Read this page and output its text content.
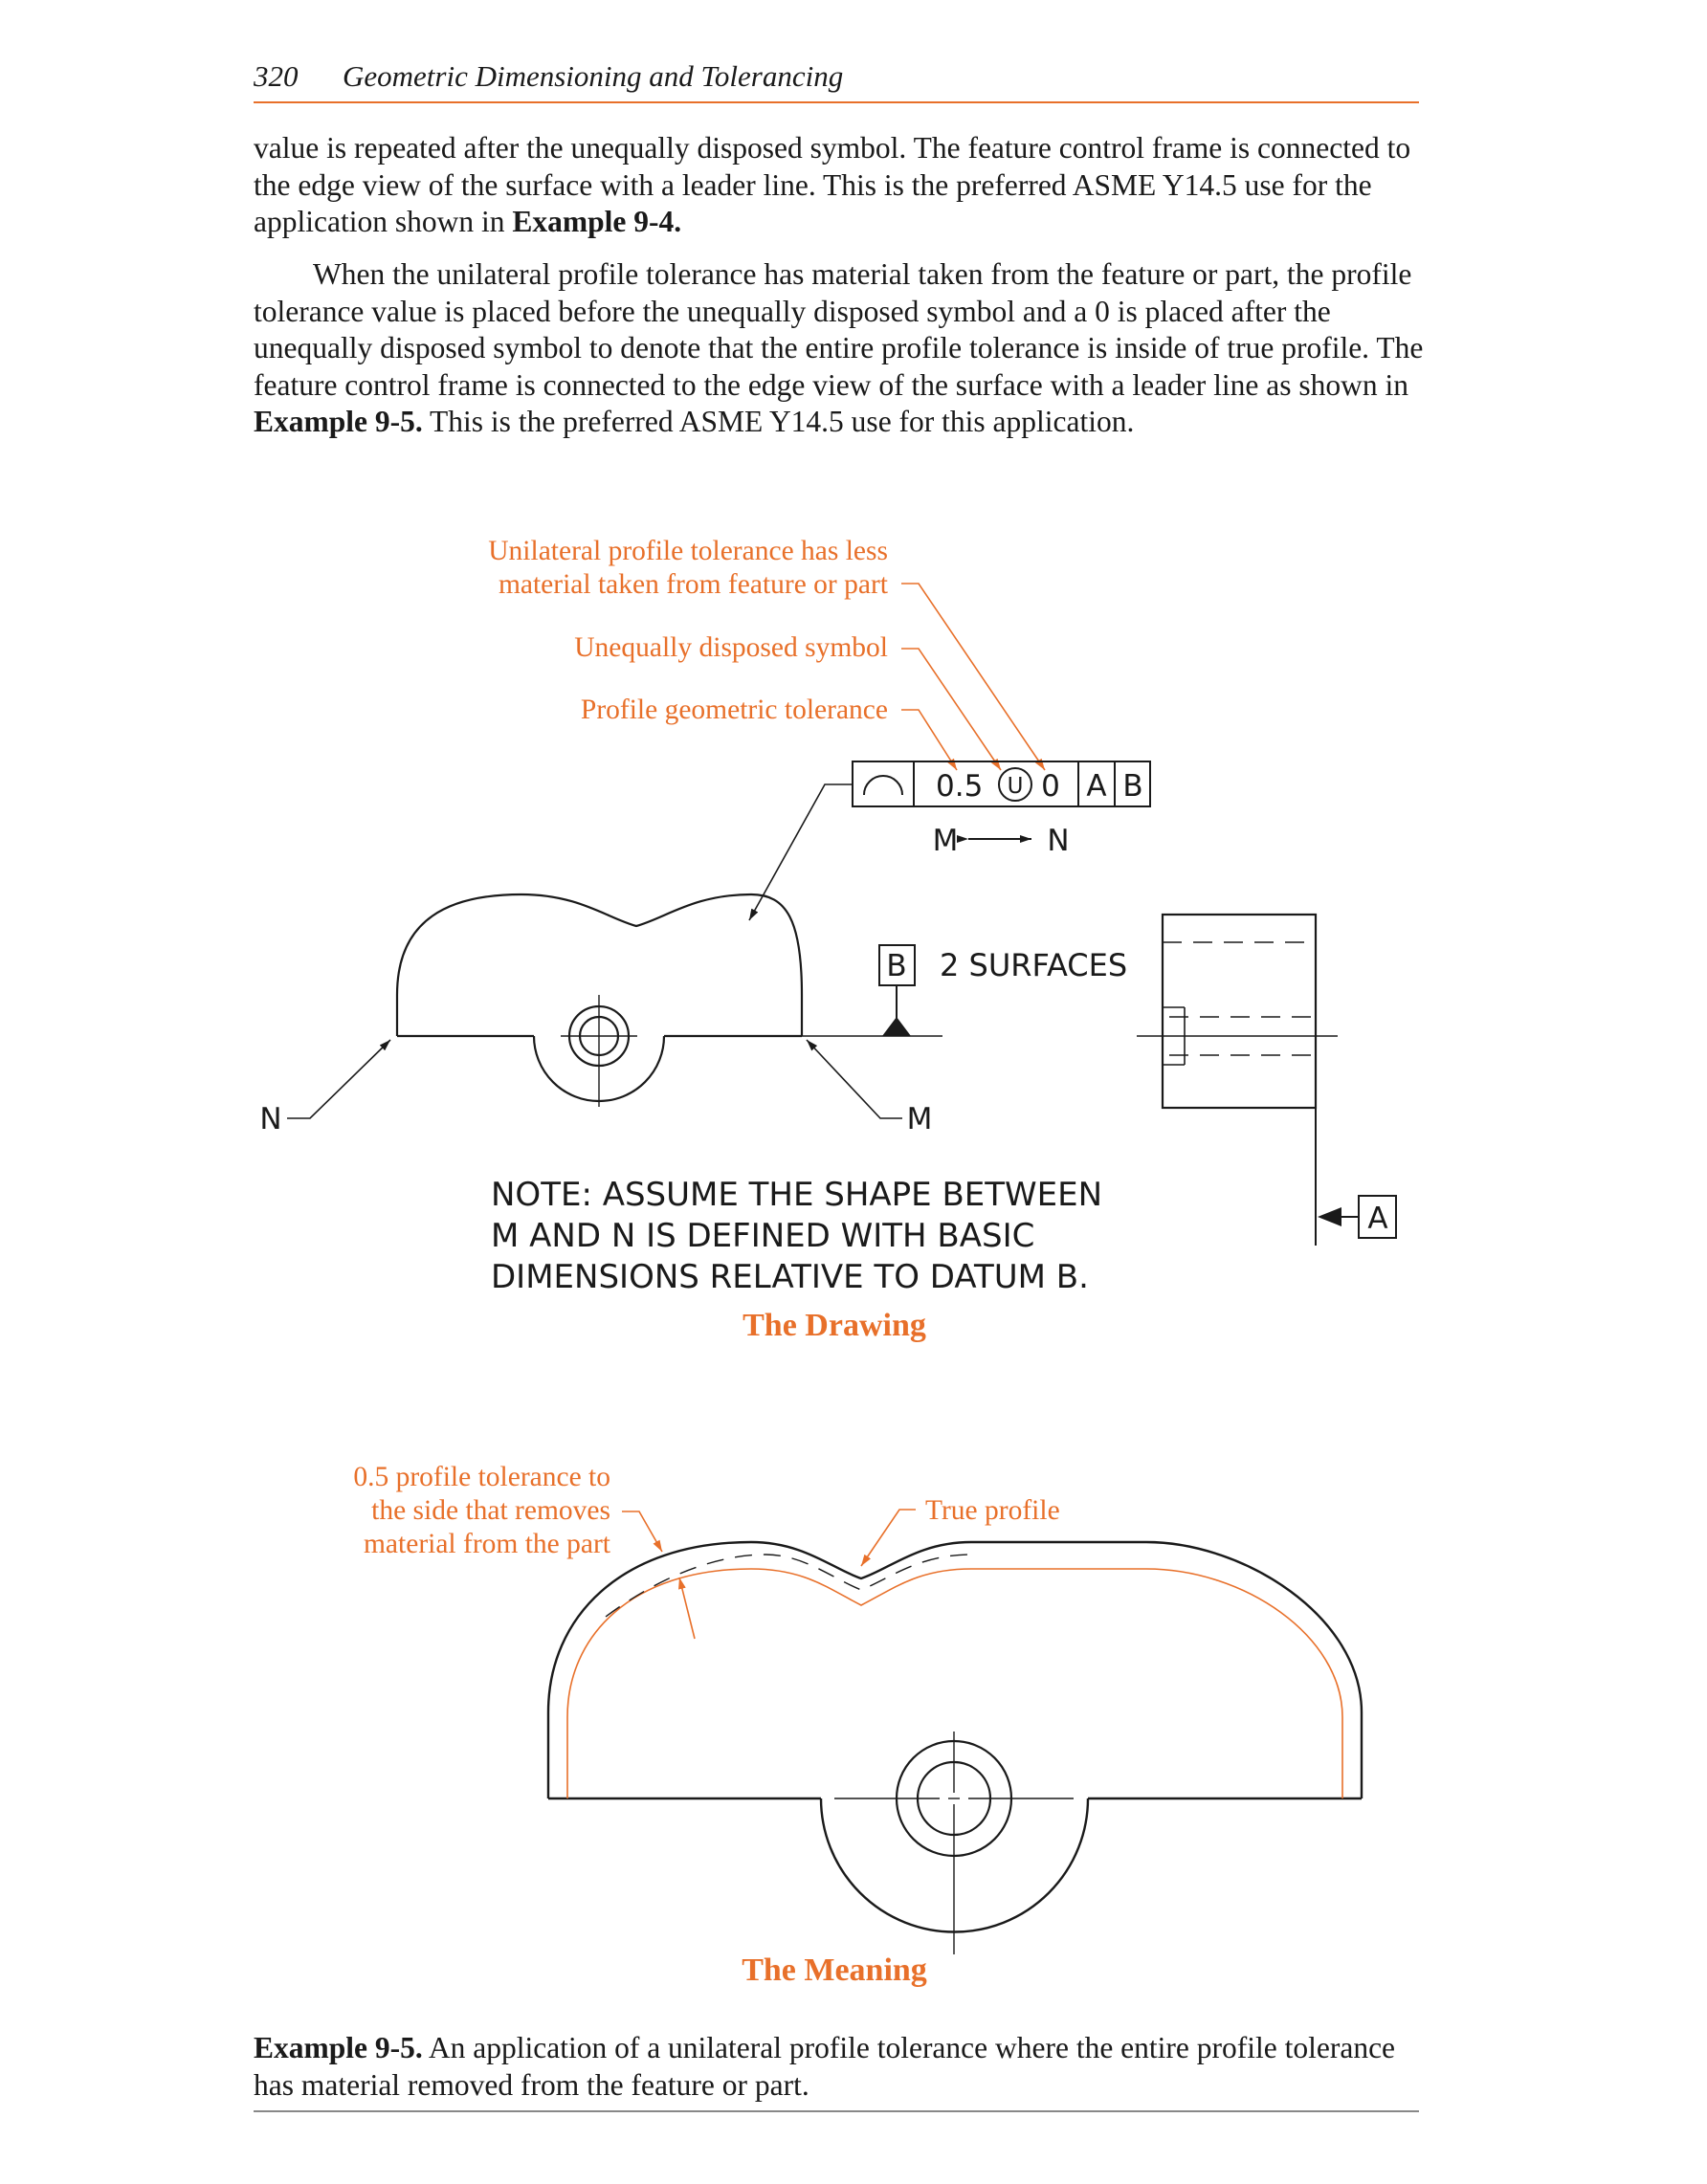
320 Geometric Dimensioning and Tolerancing

value is repeated after the unequally disposed symbol. The feature control frame is connected to the edge view of the surface with a leader line. This is the preferred ASME Y14.5 use for the application shown in Example 9-4.

When the unilateral profile tolerance has material taken from the feature or part, the profile tolerance value is placed before the unequally disposed symbol and a 0 is placed after the unequally disposed symbol to denote that the entire profile tolerance is inside of true profile. The feature control frame is connected to the edge view of the surface with a leader line as shown in Example 9-5. This is the preferred ASME Y14.5 use for this application.

Unilateral profile tolerance has less
material taken from feature or part
Unequally disposed symbol
Profile geometric tolerance
0.5 U 0 A B
M	N
N	M
B 2 SURFACES
A
NOTE: ASSUME THE SHAPE BETWEEN
M AND N IS DEFINED WITH BASIC
DIMENSIONS RELATIVE TO DATUM B.
The Drawing
0.5 profile tolerance to
the side that removes
material from the part
True profile
The Meaning

Example 9-5. An application of a unilateral profile tolerance where the entire profile tolerance has material removed from the feature or part.
